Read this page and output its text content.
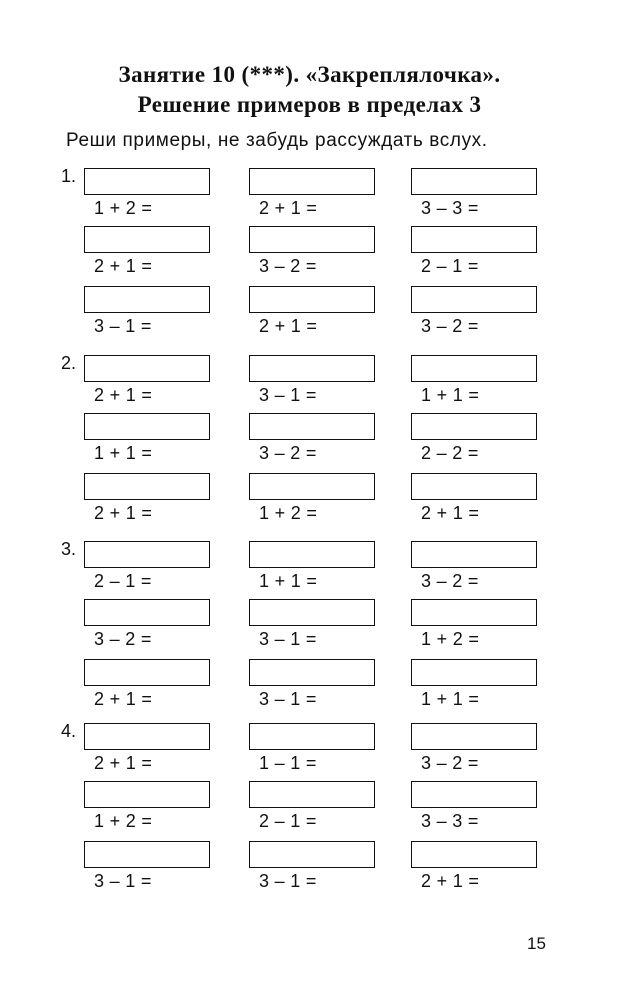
Занятие 10 (***). «Закреплялочка».
Решение примеров в пределах 3
Реши примеры, не забудь рассуждать вслух.
1.
1 + 2 =	2 + 1 =	3 – 3 =
2 + 1 =	3 – 2 =	2 – 1 =
3 – 1 =	2 + 1 =	3 – 2 =
2.
2 + 1 =	3 – 1 =	1 + 1 =
1 + 1 =	3 – 2 =	2 – 2 =
2 + 1 =	1 + 2 =	2 + 1 =
3.
2 – 1 =	1 + 1 =	3 – 2 =
3 – 2 =	3 – 1 =	1 + 2 =
2 + 1 =	3 – 1 =	1 + 1 =
4.
2 + 1 =	1 – 1 =	3 – 2 =
1 + 2 =	2 – 1 =	3 – 3 =
3 – 1 =	3 – 1 =	2 + 1 =
15
